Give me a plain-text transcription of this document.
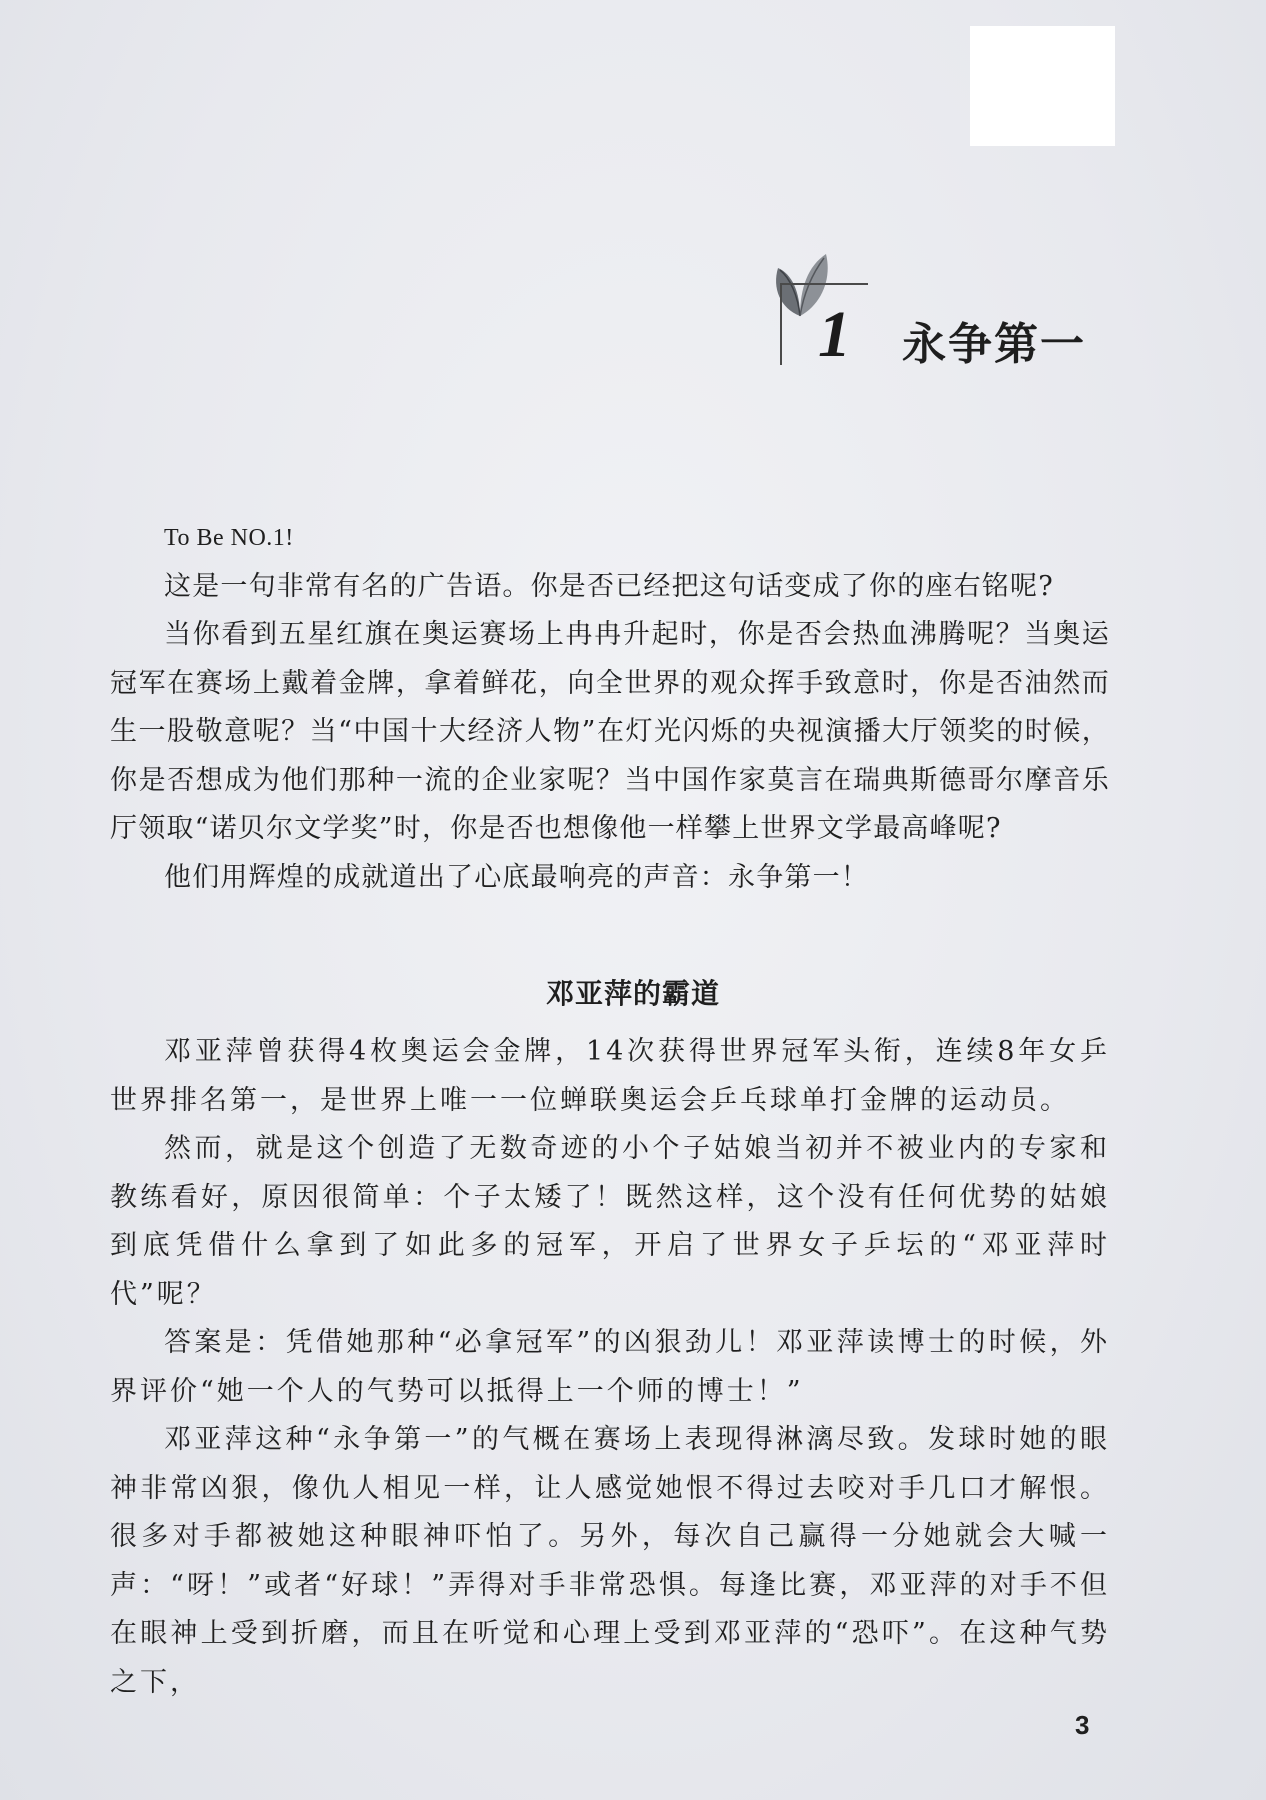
1 永争第一

To Be NO.1!

这是一句非常有名的广告语。你是否已经把这句话变成了你的座右铭呢?

当你看到五星红旗在奥运赛场上冉冉升起时，你是否会热血沸腾呢？当奥运冠军在赛场上戴着金牌，拿着鲜花，向全世界的观众挥手致意时，你是否油然而生一股敬意呢？当“中国十大经济人物”在灯光闪烁的央视演播大厅领奖的时候，你是否想成为他们那种一流的企业家呢？当中国作家莫言在瑞典斯德哥尔摩音乐厅领取“诺贝尔文学奖”时，你是否也想像他一样攀上世界文学最高峰呢?

他们用辉煌的成就道出了心底最响亮的声音：永争第一！

邓亚萍的霸道

邓亚萍曾获得4枚奥运会金牌，14次获得世界冠军头衔，连续8年女乒世界排名第一，是世界上唯一一位蝉联奥运会乒乓球单打金牌的运动员。

然而，就是这个创造了无数奇迹的小个子姑娘当初并不被业内的专家和教练看好，原因很简单：个子太矮了！既然这样，这个没有任何优势的姑娘到底凭借什么拿到了如此多的冠军，开启了世界女子乒坛的“邓亚萍时代”呢？

答案是：凭借她那种“必拿冠军”的凶狠劲儿！邓亚萍读博士的时候，外界评价“她一个人的气势可以抵得上一个师的博士！”

邓亚萍这种“永争第一”的气概在赛场上表现得淋漓尽致。发球时她的眼神非常凶狠，像仇人相见一样，让人感觉她恨不得过去咬对手几口才解恨。很多对手都被她这种眼神吓怕了。另外，每次自己赢得一分她就会大喊一声：“呀！”或者“好球！”弄得对手非常恐惧。每逢比赛，邓亚萍的对手不但在眼神上受到折磨，而且在听觉和心理上受到邓亚萍的“恐吓”。在这种气势之下，

3
